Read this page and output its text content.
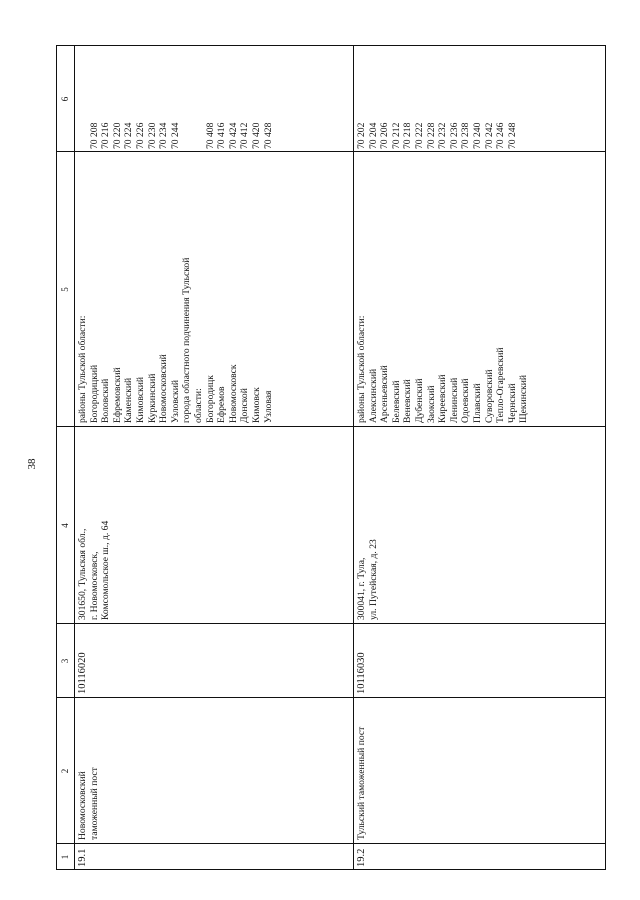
38
1
2
3
4
5
6
19.1
Новомосковский таможенный пост
10116020
301650, Тульская обл., г. Новомосковск, Комсомольское ш., д. 64
районы Тульской области: Богородицкий Воловский Ефремовский Каменский Кимовский Куркинский Новомосковский Узловский города областного подчинения Тульской области: Богородицк Ефремов Новомосковск Донской Кимовск Узловая
70 208 70 216 70 220 70 224 70 226 70 230 70 234 70 244 70 408 70 416 70 424 70 412 70 420 70 428
19.2
Тульский таможенный пост
10116030
300041, г. Тула, ул. Путейская, д. 23
районы Тульской области: Алексинский Арсеньевский Белевский Веневский Дубенский Заокский Киреевский Ленинский Одоевский Плавский Суворовский Тепло-Огаревский Чернский Щекинский
70 202 70 204 70 206 70 212 70 218 70 222 70 228 70 232 70 236 70 238 70 240 70 242 70 246 70 248
